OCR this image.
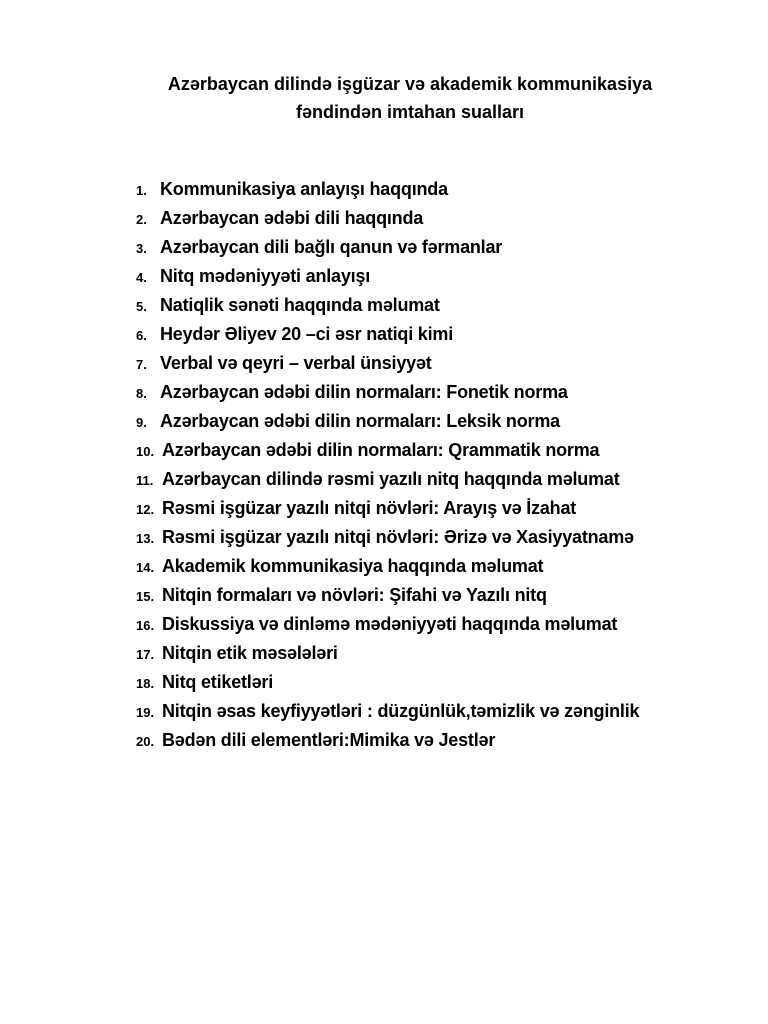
Azərbaycan dilində işgüzar və akademik kommunikasiya
fəndindən imtahan sualları
1. Kommunikasiya anlayışı haqqında
2. Azərbaycan ədəbi dili haqqında
3. Azərbaycan dili bağlı qanun və fərmanlar
4. Nitq mədəniyyəti anlayışı
5. Natiqlik sənəti haqqında məlumat
6. Heydər Əliyev 20 –ci əsr natiqi kimi
7. Verbal və qeyri – verbal ünsiyyət
8. Azərbaycan ədəbi dilin normaları: Fonetik norma
9. Azərbaycan ədəbi dilin normaları: Leksik norma
10. Azərbaycan ədəbi dilin normaları: Qrammatik norma
11. Azərbaycan dilində rəsmi yazılı nitq haqqında məlumat
12. Rəsmi işgüzar yazılı nitqi növləri: Arayış və İzahat
13. Rəsmi işgüzar yazılı nitqi növləri: Ərizə və Xasiyyatnamə
14. Akademik kommunikasiya haqqında məlumat
15. Nitqin formaları və növləri: Şifahi və Yazılı nitq
16. Diskussiya və dinləmə mədəniyyəti haqqında məlumat
17. Nitqin etik məsələləri
18. Nitq etiketləri
19. Nitqin əsas keyfiyyətləri : düzgünlük,təmizlik və zənginlik
20. Bədən dili elementləri:Mimika və Jestlər
